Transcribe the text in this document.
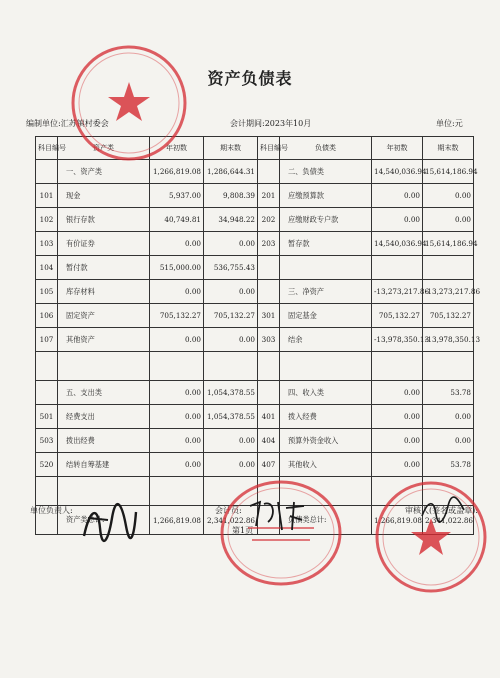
资产负债表
编制单位:汇苏镇村委会	会计期间:2023年10月	单位:元
科目编号	资产类	年初数	期末数	科目编号	负债类	年初数	期末数
	一、资产类	1,266,819.08	1,286,644.31		二、负债类	14,540,036.94	15,614,186.94
101	现金	5,937.00	9,808.39	201	应缴预算款	0.00	0.00
102	银行存款	40,749.81	34,948.22	202	应缴财政专户款	0.00	0.00
103	有价证券	0.00	0.00	203	暂存款	14,540,036.94	15,614,186.94
104	暂付款	515,000.00	536,755.43				
105	库存材料	0.00	0.00		三、净资产	-13,273,217.86	-13,273,217.86
106	固定资产	705,132.27	705,132.27	301	固定基金	705,132.27	705,132.27
107	其他资产	0.00	0.00	303	结余	-13,978,350.13	-13,978,350.13

	五、支出类	0.00	1,054,378.55		四、收入类	0.00	53.78
501	经费支出	0.00	1,054,378.55	401	拨入经费	0.00	0.00
503	拨出经费	0.00	0.00	404	预算外资金收入	0.00	0.00
520	结转自筹基建	0.00	0.00	407	其他收入	0.00	53.78

	资产类总计:	1,266,819.08	2,341,022.86		负债类总计:	1,266,819.08	2,341,022.86
单位负责人:	会计员:	审核人(签名或盖章):
第1页
